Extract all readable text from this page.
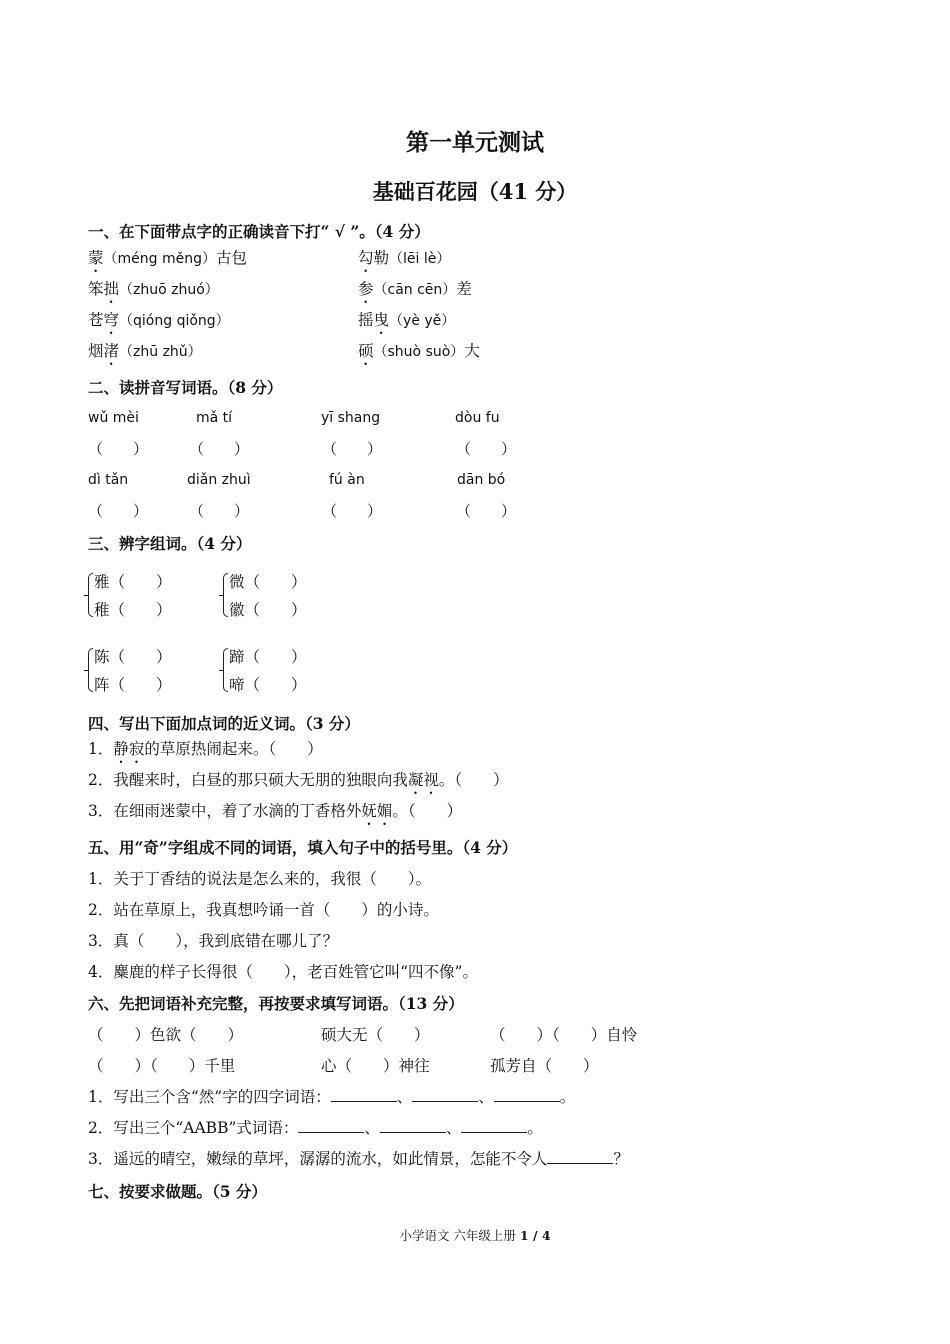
第一单元测试
基础百花园（41 分）
一、在下面带点字的正确读音下打“ √ ”。（4 分）
蒙（méng měng）古包	勾勒（lēi lè）
笨拙（zhuō zhuó）	参（cān cēn）差
苍穹（qióng qiǒng）	摇曳（yè yě）
烟渚（zhū zhǔ）	硕（shuò suò）大
二、读拼音写词语。（8 分）
wǔ mèi	mǎ tí	yī shang	dòu fu
（　　）	（　　）	（　　）	（　　）
dì tǎn	diǎn zhuì	fú àn	dān bó
（　　）	（　　）	（　　）	（　　）
三、辨字组词。（4 分）
雅（　　）
稚（　　）
微（　　）
徽（　　）
陈（　　）
阵（　　）
蹄（　　）
啼（　　）
四、写出下面加点词的近义词。（3 分）
1．静寂的草原热闹起来。（　　）
2．我醒来时，白昼的那只硕大无朋的独眼向我凝视。（　　）
3．在细雨迷蒙中，着了水滴的丁香格外妩媚。（　　）
五、用“奇”字组成不同的词语，填入句子中的括号里。（4 分）
1．关于丁香结的说法是怎么来的，我很（　　）。
2．站在草原上，我真想吟诵一首（　　）的小诗。
3．真（　　），我到底错在哪儿了？
4．麋鹿的样子长得很（　　），老百姓管它叫“四不像”。
六、先把词语补充完整，再按要求填写词语。（13 分）
（　　）色欲（　　）	硕大无（　　）	（　　）（　　）自怜
（　　）（　　）千里	心（　　）神往	孤芳自（　　）
1．写出三个含“然”字的四字词语：	、	、	。
2．写出三个“AABB”式词语：	、	、	。
3．遥远的晴空，嫩绿的草坪，潺潺的流水，如此情景，怎能不令人	？
七、按要求做题。（5 分）
小学语文 六年级上册 1 / 4
